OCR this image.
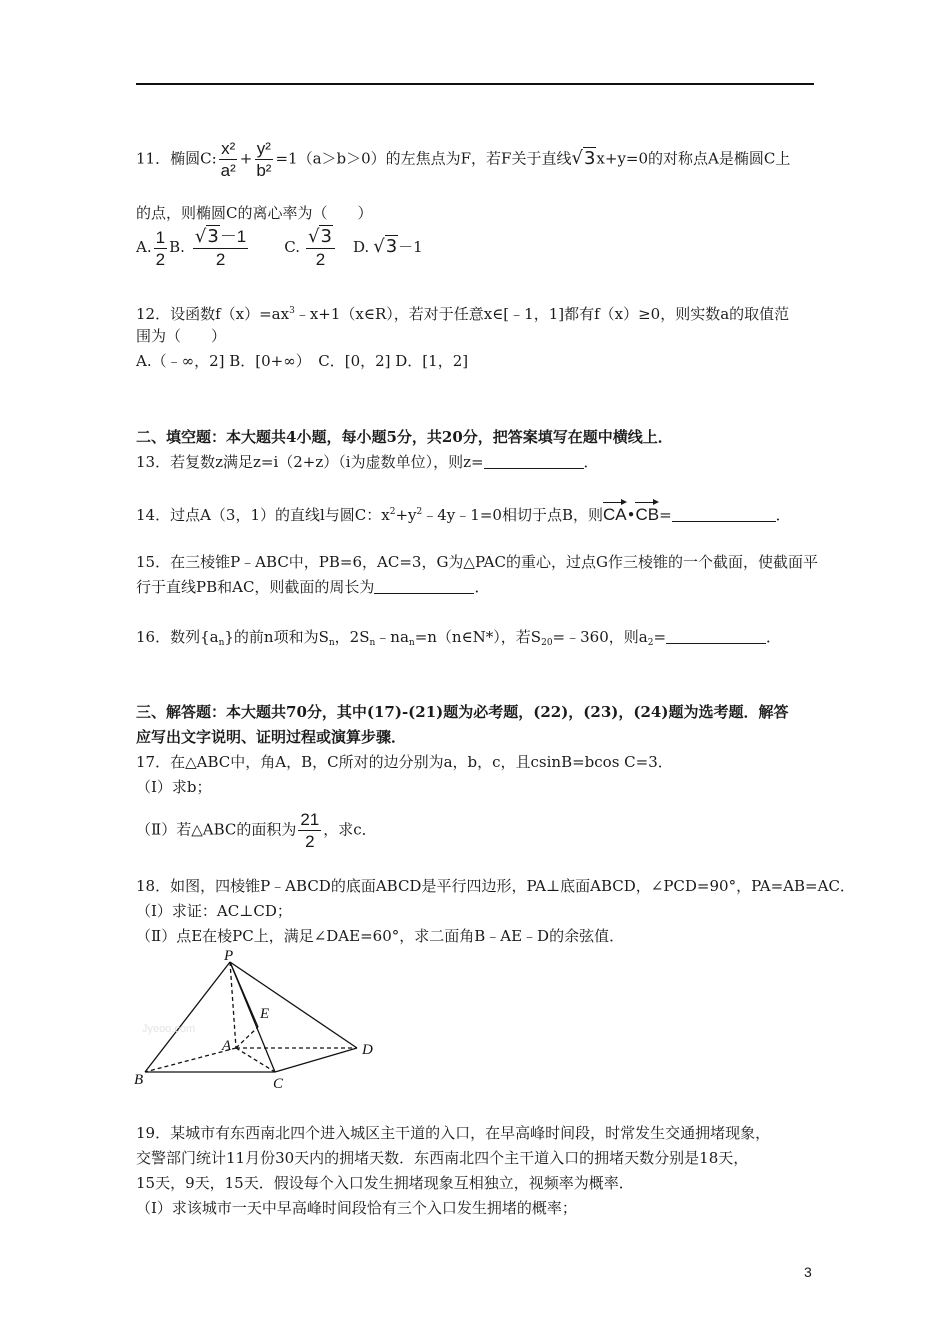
11．椭圆C: $\frac{\text{x²}}{\text{a²}} + \frac{\text{y²}}{\text{b²}} =1(a>b>0)$的左焦点为F，若F关于直线√3x+y=0的对称点A是椭圆C上
的点，则椭圆C的离心率为（　　）
A. $\frac{1}{2} B$. $\frac{√3-1}{2} C$. $\frac{√3}{2} D$. √3－1
12．设函数$f(x)=ax^3﹣x+1(x\in R)$，若对于任意x∈[﹣1，1]都有f（x）≥0，则实数a的取值范
围为（　　）
A.（﹣∞，2] B．[0+∞）　C．[0，2] D．[1，2]
二、填空题：本大题共4小题，每小题5分，共20分，把答案填写在题中横线上．
13．若复数z满足z=i（2+z）（i为虚数单位），则z=	．
14．过点A（3，1）的直线l与圆C：$x^2+y^2﹣4y﹣1=0$相切于点B，则CA•CB=	．
15．在三棱锥P﹣ABC中，PB=6，AC=3，G为△PAC的重心，过点G作三棱锥的一个截面，使截面平
行于直线PB和AC，则截面的周长为	．
16．数列$\{a_n\}$的前n项和为$S_n$，$2S_n﹣na_n=n(n\in N*)$，若$S_{20}=﹣360$，则$a_2=$	．
三、解答题：本大题共70分，其中(17)-(21)题为必考题，(22)，(23)，(24)题为选考题．解答
应写出文字说明、证明过程或演算步骤．
17．在△ABC中，角A，B，C所对的边分别为a，b，c，且csinB=bcos C=3．
（I）求b；
（Ⅱ）若△ABC的面积为 $\frac{21}{2}$ ，求c．
18．如图，四棱锥P﹣ABCD的底面ABCD是平行四边形，PA⊥底面ABCD，∠PCD=90°，PA=AB=AC．
（I）求证：AC⊥CD；
（Ⅱ）点E在棱PC上，满足∠DAE=60°，求二面角B﹣AE﹣D的余弦值．
P
A
B	C
D
E
Jyeoo.com
19．某城市有东西南北四个进入城区主干道的入口，在早高峰时间段，时常发生交通拥堵现象，
交警部门统计11月份30天内的拥堵天数．东西南北四个主干道入口的拥堵天数分别是18天，
15天，9天，15天．假设每个入口发生拥堵现象互相独立，视频率为概率．
（I）求该城市一天中早高峰时间段恰有三个入口发生拥堵的概率；
3
